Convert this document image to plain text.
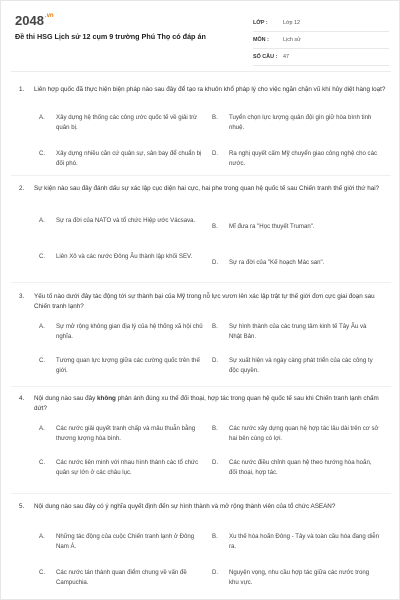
$2048^{.vn}$
Đề thi HSG Lịch sử 12 cụm 9 trường Phú Thọ có đáp án
LỚP :	Lớp 12
MÔN :	Lịch sử
SỐ CÂU :	47
1. Liên hợp quốc đã thực hiện biện pháp nào sau đây để tạo ra khuôn khổ pháp lý cho việc ngăn chặn vũ khí hủy diệt hàng loạt?
A. Xây dựng hệ thống các công ước quốc tế về giải trừ quân bị.
B. Tuyển chọn lực lượng quân đội gìn giữ hòa bình tinh nhuệ.
C. Xây dựng nhiều căn cứ quân sự, sân bay để chuẩn bị đối phó.
D. Ra nghị quyết cấm Mỹ chuyển giao công nghệ cho các nước.
2. Sự kiện nào sau đây đánh dấu sự xác lập cục diện hai cực, hai phe trong quan hệ quốc tế sau Chiến tranh thế giới thứ hai?
A. Sự ra đời của NATO và tổ chức Hiệp ước Vácsava.
B. Mĩ đưa ra "Học thuyết Truman".
C. Liên Xô và các nước Đông Âu thành lập khối SEV.
D. Sự ra đời của "Kế hoạch Mác san".
3. Yếu tố nào dưới đây tác động tới sự thành bại của Mỹ trong nỗ lực vươn lên xác lập trật tự thế giới đơn cực giai đoạn sau Chiến tranh lạnh?
A. Sự mở rộng không gian địa lý của hệ thống xã hội chủ nghĩa.
B. Sự hình thành của các trung tâm kinh tế Tây Âu và Nhật Bản.
C. Tương quan lực lượng giữa các cường quốc trên thế giới.
D. Sự xuất hiện và ngày càng phát triển của các công ty độc quyền.
4. Nội dung nào sau đây không phản ánh đúng xu thế đối thoại, hợp tác trong quan hệ quốc tế sau khi Chiến tranh lạnh chấm dứt?
A. Các nước giải quyết tranh chấp và mâu thuẫn bằng thương lượng hòa bình.
B. Các nước xây dựng quan hệ hợp tác lâu dài trên cơ sở hai bên cùng có lợi.
C. Các nước liên minh với nhau hình thành các tổ chức quân sự lớn ở các châu lục.
D. Các nước điều chỉnh quan hệ theo hướng hòa hoãn, đối thoại, hợp tác.
5. Nội dung nào sau đây có ý nghĩa quyết định đến sự hình thành và mở rộng thành viên của tổ chức ASEAN?
A. Những tác động của cuộc Chiến tranh lạnh ở Đông Nam Á.
B. Xu thế hòa hoãn Đông - Tây và toàn cầu hóa đang diễn ra.
C. Các nước tán thành quan điểm chung về vấn đề Campuchia.
D. Nguyện vọng, nhu cầu hợp tác giữa các nước trong khu vực.
